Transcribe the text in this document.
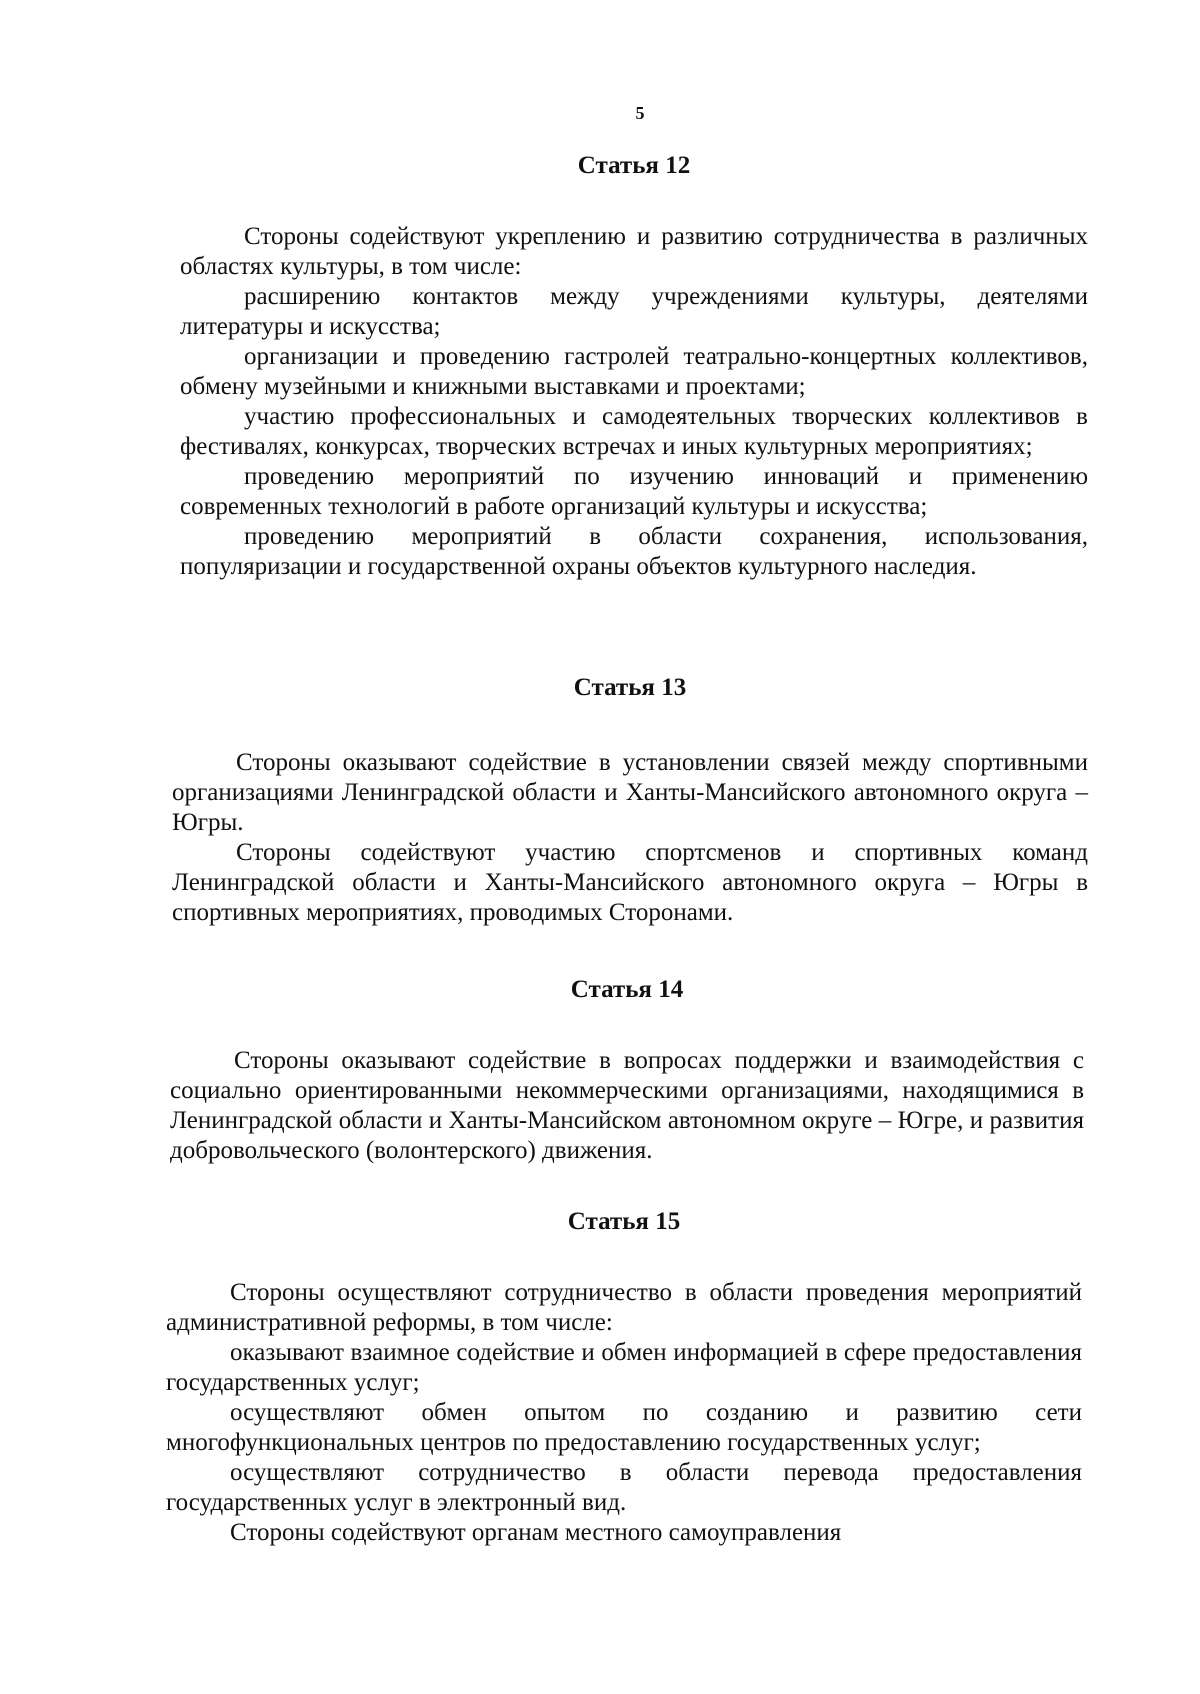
5
Статья 12

Стороны содействуют укреплению и развитию сотрудничества в различных областях культуры, в том числе:

расширению контактов между учреждениями культуры, деятелями литературы и искусства;

организации и проведению гастролей театрально-концертных коллективов, обмену музейными и книжными выставками и проектами;

участию профессиональных и самодеятельных творческих коллективов в фестивалях, конкурсах, творческих встречах и иных культурных мероприятиях;

проведению мероприятий по изучению инноваций и применению современных технологий в работе организаций культуры и искусства;

проведению мероприятий в области сохранения, использования, популяризации и государственной охраны объектов культурного наследия.

Статья 13

Стороны оказывают содействие в установлении связей между спортивными организациями Ленинградской области и Ханты-Мансийского автономного округа – Югры.

Стороны содействуют участию спортсменов и спортивных команд Ленинградской области и Ханты-Мансийского автономного округа – Югры в спортивных мероприятиях, проводимых Сторонами.

Статья 14

Стороны оказывают содействие в вопросах поддержки и взаимодействия с социально ориентированными некоммерческими организациями, находящимися в Ленинградской области и Ханты-Мансийском автономном округе – Югре, и развития добровольческого (волонтерского) движения.

Статья 15

Стороны осуществляют сотрудничество в области проведения мероприятий административной реформы, в том числе:

оказывают взаимное содействие и обмен информацией в сфере предоставления государственных услуг;

осуществляют обмен опытом по созданию и развитию сети многофункциональных центров по предоставлению государственных услуг;

осуществляют сотрудничество в области перевода предоставления государственных услуг в электронный вид.

Стороны содействуют органам местного самоуправления
